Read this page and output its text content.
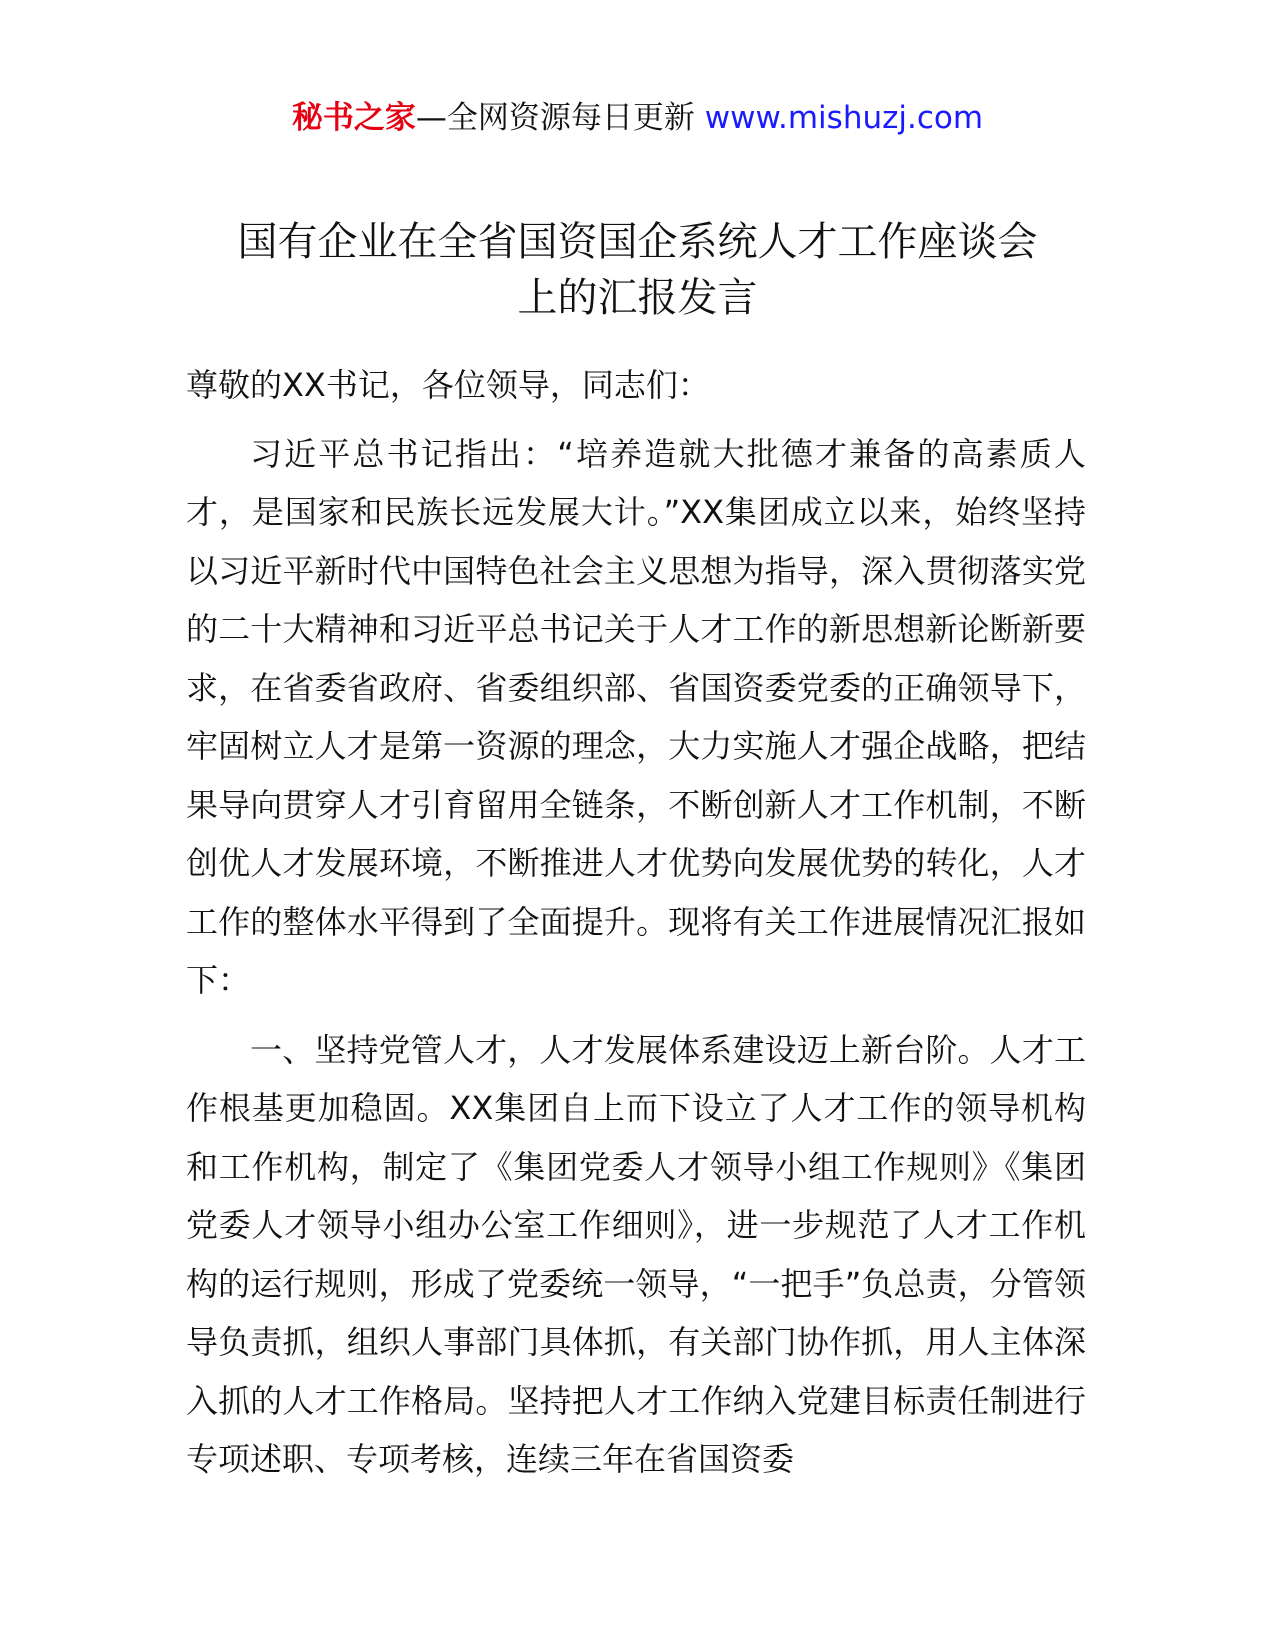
秘书之家—全网资源每日更新 www.mishuzj.com
国有企业在全省国资国企系统人才工作座谈会
上的汇报发言

尊敬的XX书记，各位领导，同志们：

习近平总书记指出：“培养造就大批德才兼备的高素质人才，是国家和民族长远发展大计。”XX集团成立以来，始终坚持以习近平新时代中国特色社会主义思想为指导，深入贯彻落实党的二十大精神和习近平总书记关于人才工作的新思想新论断新要求，在省委省政府、省委组织部、省国资委党委的正确领导下，牢固树立人才是第一资源的理念，大力实施人才强企战略，把结果导向贯穿人才引育留用全链条，不断创新人才工作机制，不断创优人才发展环境，不断推进人才优势向发展优势的转化，人才工作的整体水平得到了全面提升。现将有关工作进展情况汇报如下：

一、坚持党管人才，人才发展体系建设迈上新台阶。人才工作根基更加稳固。XX集团自上而下设立了人才工作的领导机构和工作机构，制定了《集团党委人才领导小组工作规则》《集团党委人才领导小组办公室工作细则》，进一步规范了人才工作机构的运行规则，形成了党委统一领导，“一把手”负总责，分管领导负责抓，组织人事部门具体抓，有关部门协作抓，用人主体深入抓的人才工作格局。坚持把人才工作纳入党建目标责任制进行专项述职、专项考核，连续三年在省国资委
